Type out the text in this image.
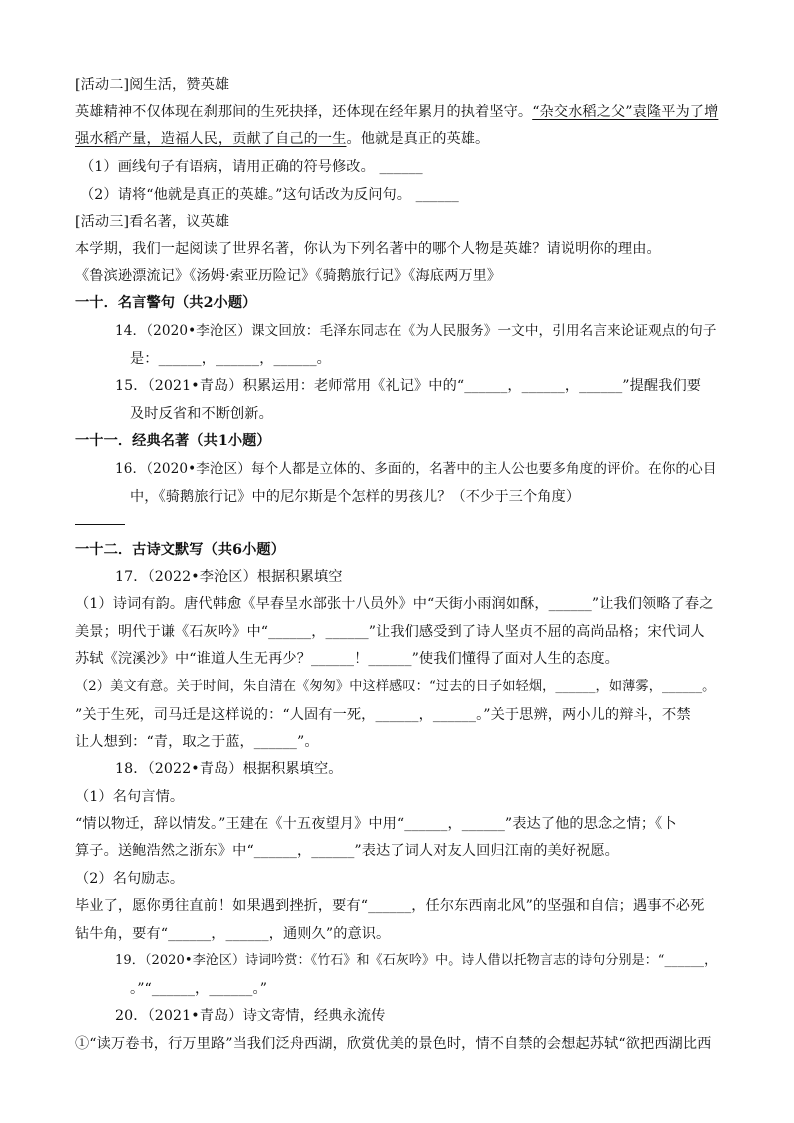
[活动二]阅生活，赞英雄
英雄精神不仅体现在刹那间的生死抉择，还体现在经年累月的执着坚守。“杂交水稻之父”袁隆平为了增
强水稻产量，造福人民，贡献了自己的一生。他就是真正的英雄。
（1）画线句子有语病，请用正确的符号修改。 ______
（2）请将“他就是真正的英雄。”这句话改为反问句。 ______
[活动三]看名著，议英雄
本学期，我们一起阅读了世界名著，你认为下列名著中的哪个人物是英雄？请说明你的理由。
《鲁滨逊漂流记》《汤姆·索亚历险记》《骑鹅旅行记》《海底两万里》
一十．名言警句（共2小题）
14．（2020•李沧区）课文回放：毛泽东同志在《为人民服务》一文中，引用名言来论证观点的句子
是：______，______，______。
15．（2021•青岛）积累运用：老师常用《礼记》中的“______，______，______”提醒我们要
及时反省和不断创新。
一十一．经典名著（共1小题）
16．（2020•李沧区）每个人都是立体的、多面的，名著中的主人公也要多角度的评价。在你的心目
中，《骑鹅旅行记》中的尼尔斯是个怎样的男孩儿？（不少于三个角度）
一十二．古诗文默写（共6小题）
17．（2022•李沧区）根据积累填空
（1）诗词有韵。唐代韩愈《早春呈水部张十八员外》中“天街小雨润如酥，______”让我们领略了春之
美景；明代于谦《石灰吟》中“______，______”让我们感受到了诗人坚贞不屈的高尚品格；宋代词人
苏轼《浣溪沙》中“谁道人生无再少？______！______”使我们懂得了面对人生的态度。
（2）美文有意。关于时间，朱自清在《匆匆》中这样感叹：“过去的日子如轻烟，______，如薄雾，______。
”关于生死，司马迁是这样说的：“人固有一死，______，______。”关于思辨，两小儿的辩斗，不禁
让人想到：“青，取之于蓝，______”。
18．（2022•青岛）根据积累填空。
（1）名句言情。
“情以物迁，辞以情发。”王建在《十五夜望月》中用“______，______”表达了他的思念之情；《卜
算子。送鲍浩然之浙东》中“______，______”表达了词人对友人回归江南的美好祝愿。
（2）名句励志。
毕业了，愿你勇往直前！如果遇到挫折，要有“______，任尔东西南北风”的坚强和自信；遇事不必死
钻牛角，要有“______，______，通则久”的意识。
19．（2020•李沧区）诗词吟赏：《竹石》和《石灰吟》中。诗人借以托物言志的诗句分别是：“______，
。”“______，______。”
20．（2021•青岛）诗文寄情，经典永流传
①“读万卷书，行万里路”当我们泛舟西湖，欣赏优美的景色时，情不自禁的会想起苏轼“欲把西湖比西
